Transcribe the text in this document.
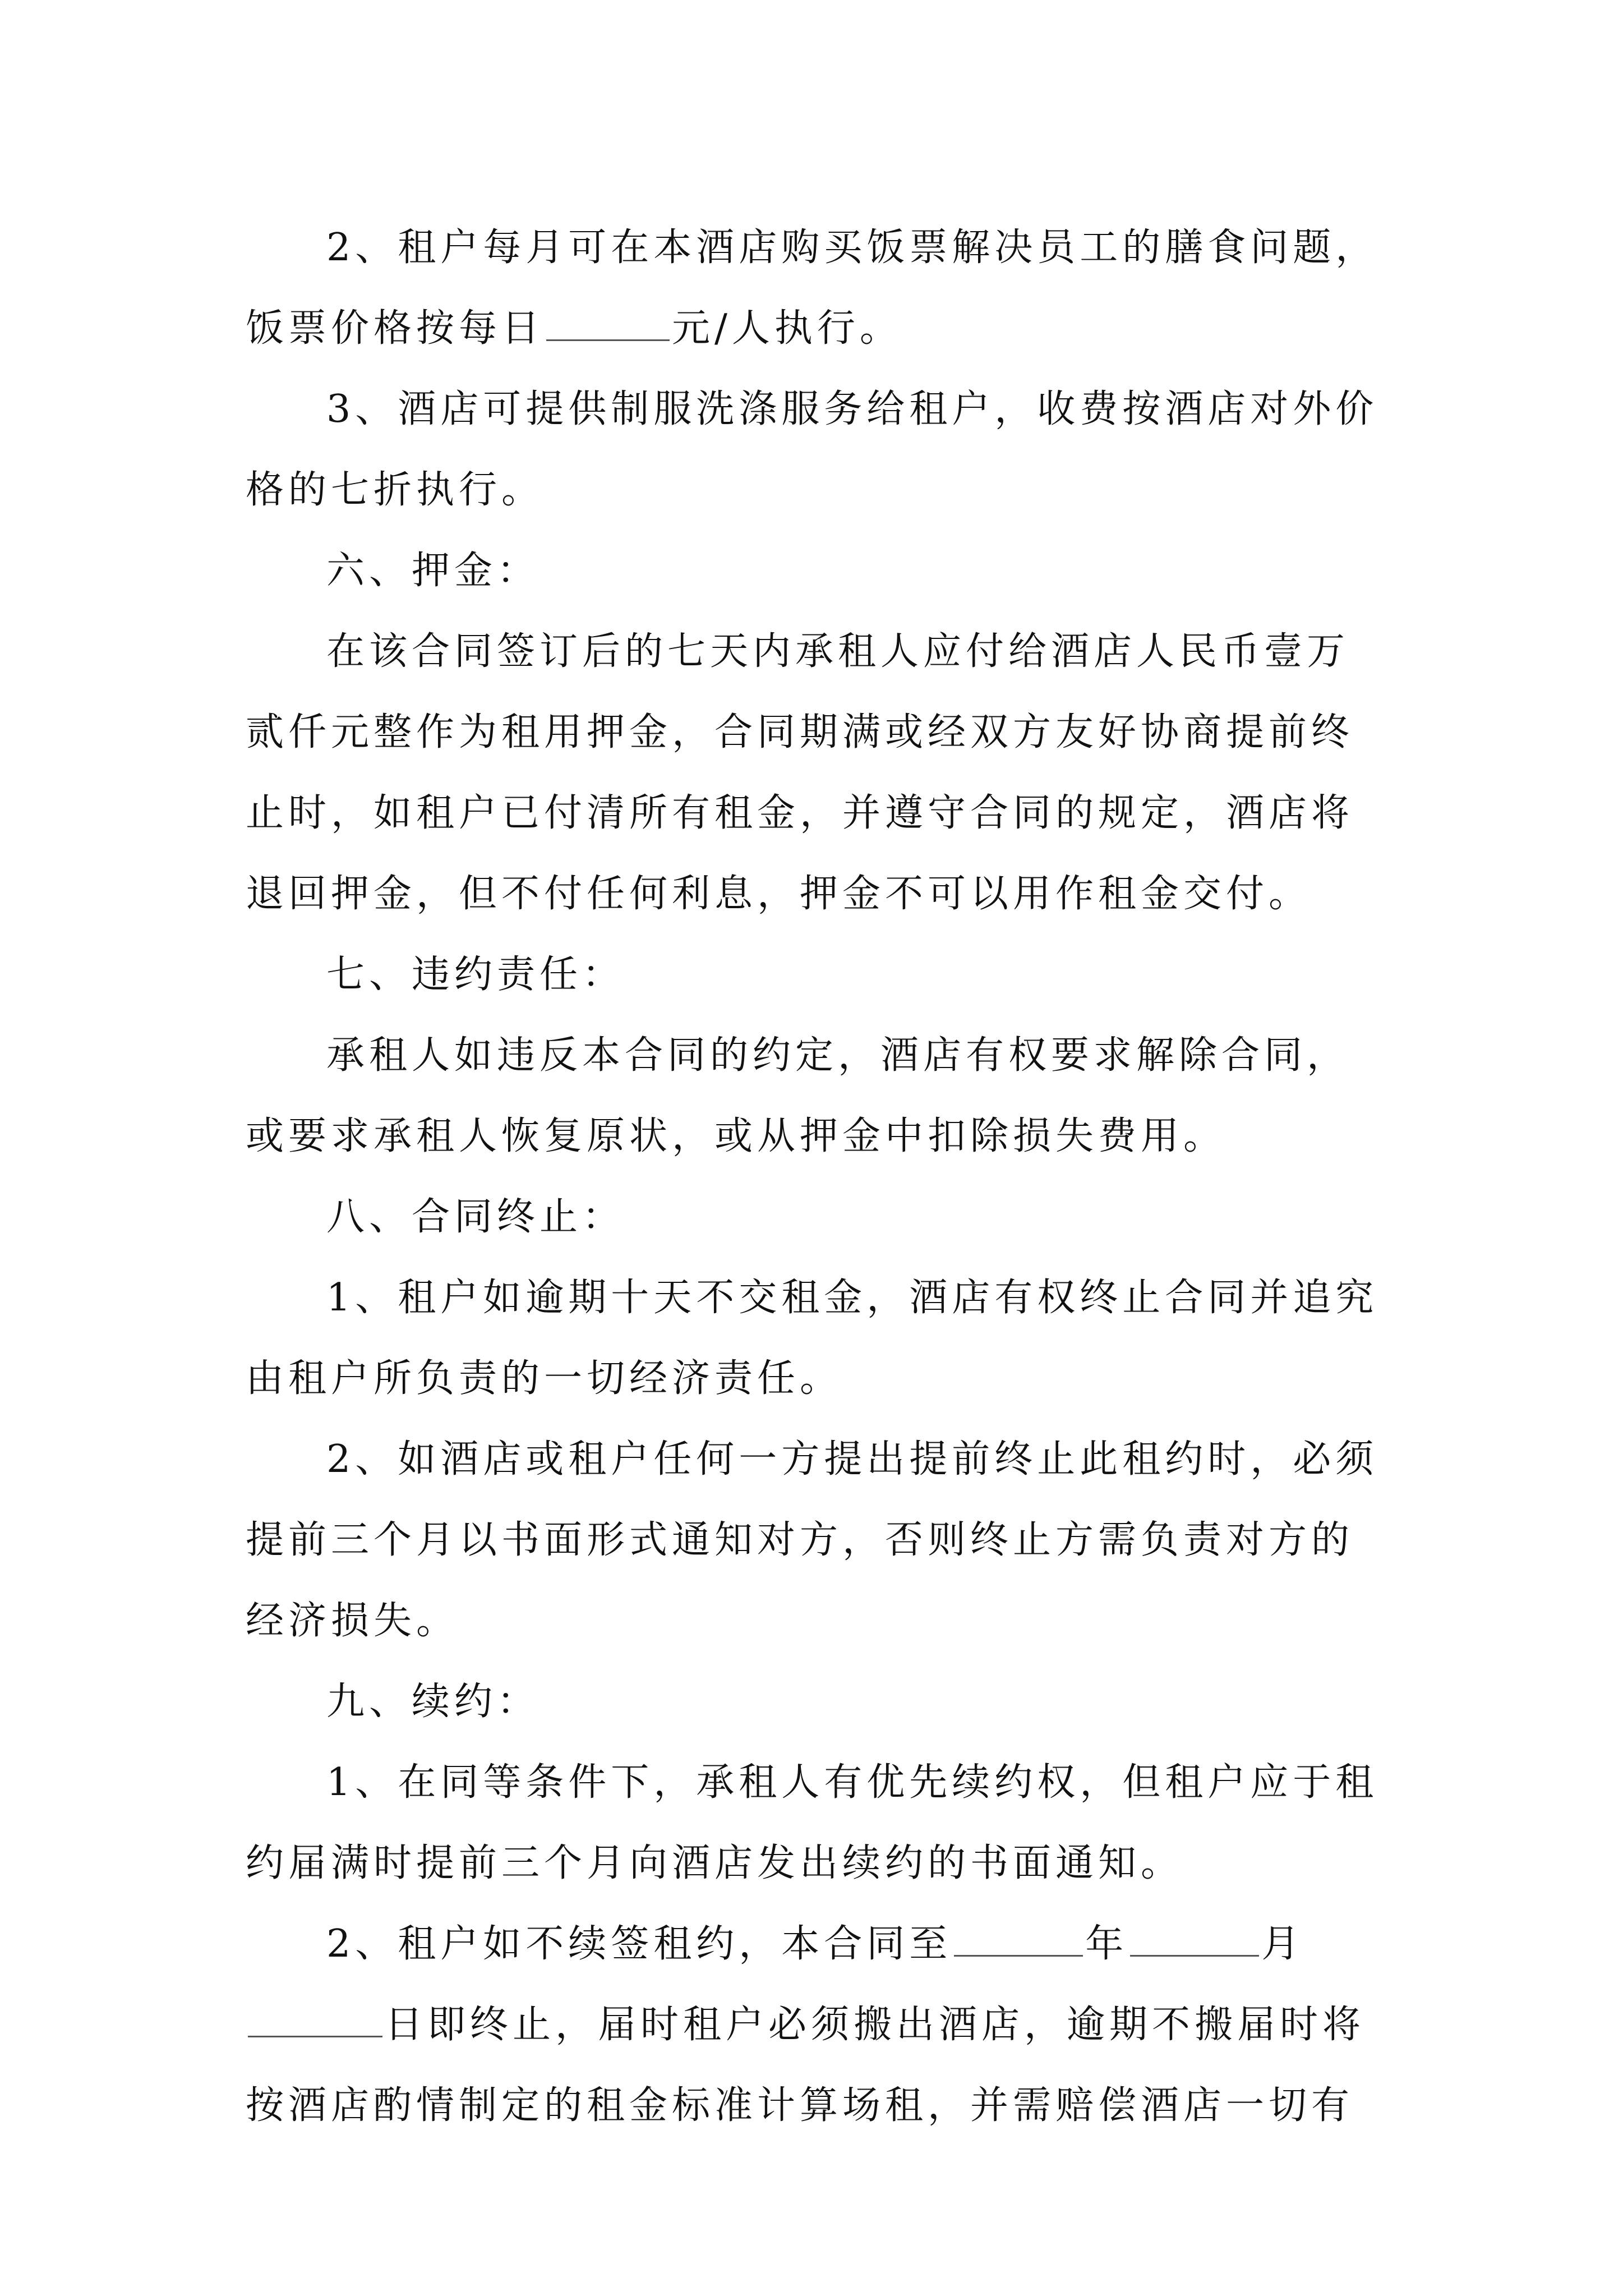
2、租户每月可在本酒店购买饭票解决员工的膳食问题，饭票价格按每日	元/人执行。

3、酒店可提供制服洗涤服务给租户，收费按酒店对外价格的七折执行。

六、押金：

在该合同签订后的七天内承租人应付给酒店人民币壹万贰仟元整作为租用押金，合同期满或经双方友好协商提前终止时，如租户已付清所有租金，并遵守合同的规定，酒店将退回押金，但不付任何利息，押金不可以用作租金交付。

七、违约责任：

承租人如违反本合同的约定，酒店有权要求解除合同，或要求承租人恢复原状，或从押金中扣除损失费用。

八、合同终止：

1、租户如逾期十天不交租金，酒店有权终止合同并追究由租户所负责的一切经济责任。

2、如酒店或租户任何一方提出提前终止此租约时，必须提前三个月以书面形式通知对方，否则终止方需负责对方的经济损失。

九、续约：

1、在同等条件下，承租人有优先续约权，但租户应于租约届满时提前三个月向酒店发出续约的书面通知。

2、租户如不续签租约，本合同至	年	月日即终止，届时租户必须搬出酒店，逾期不搬届时将按酒店酌情制定的租金标准计算场租，并需赔偿酒店一切有
